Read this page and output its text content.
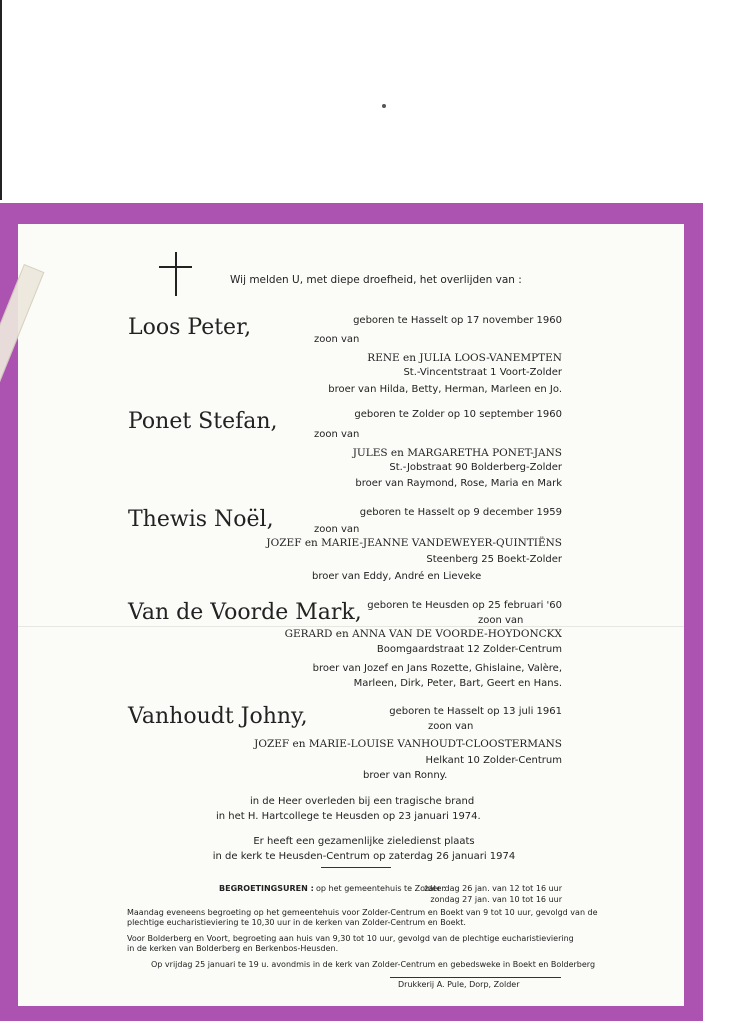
Wij melden U, met diepe droefheid, het overlijden van :
Loos Peter,	geboren te Hasselt op 17 november 1960
zoon van
RENE en JULIA LOOS-VANEMPTEN
St.-Vincentstraat 1 Voort-Zolder
broer van Hilda, Betty, Herman, Marleen en Jo.
Ponet Stefan,	geboren te Zolder op 10 september 1960
zoon van
JULES en MARGARETHA PONET-JANS
St.-Jobstraat 90 Bolderberg-Zolder
broer van Raymond, Rose, Maria en Mark
Thewis Noël,	geboren te Hasselt op 9 december 1959
zoon van
JOZEF en MARIE-JEANNE VANDEWEYER-QUINTIËNS
Steenberg 25 Boekt-Zolder
broer van Eddy, André en Lieveke
Van de Voorde Mark, geboren te Heusden op 25 februari '60
zoon van
GERARD en ANNA VAN DE VOORDE-HOYDONCKX
Boomgaardstraat 12 Zolder-Centrum
broer van Jozef en Jans Rozette, Ghislaine, Valère,
Marleen, Dirk, Peter, Bart, Geert en Hans.
Vanhoudt Johny,	geboren te Hasselt op 13 juli 1961
zoon van
JOZEF en MARIE-LOUISE VANHOUDT-CLOOSTERMANS
Helkant 10 Zolder-Centrum
broer van Ronny.
in de Heer overleden bij een tragische brand
in het H. Hartcollege te Heusden op 23 januari 1974.
Er heeft een gezamenlijke zieledienst plaats
in de kerk te Heusden-Centrum op zaterdag 26 januari 1974
BEGROETINGSUREN : op het gemeentehuis te Zolder :
zaterdag 26 jan. van 12 tot 16 uur
zondag 27 jan. van 10 tot 16 uur
Maandag eveneens begroeting op het gemeentehuis voor Zolder-Centrum en Boekt van 9 tot 10 uur, gevolgd van de
plechtige eucharistieviering te 10,30 uur in de kerken van Zolder-Centrum en Boekt.
Voor Bolderberg en Voort, begroeting aan huis van 9,30 tot 10 uur, gevolgd van de plechtige eucharistieviering
in de kerken van Bolderberg en Berkenbos-Heusden.
Op vrijdag 25 januari te 19 u. avondmis in de kerk van Zolder-Centrum en gebedsweke in Boekt en Bolderberg
Drukkerij A. Pule, Dorp, Zolder
